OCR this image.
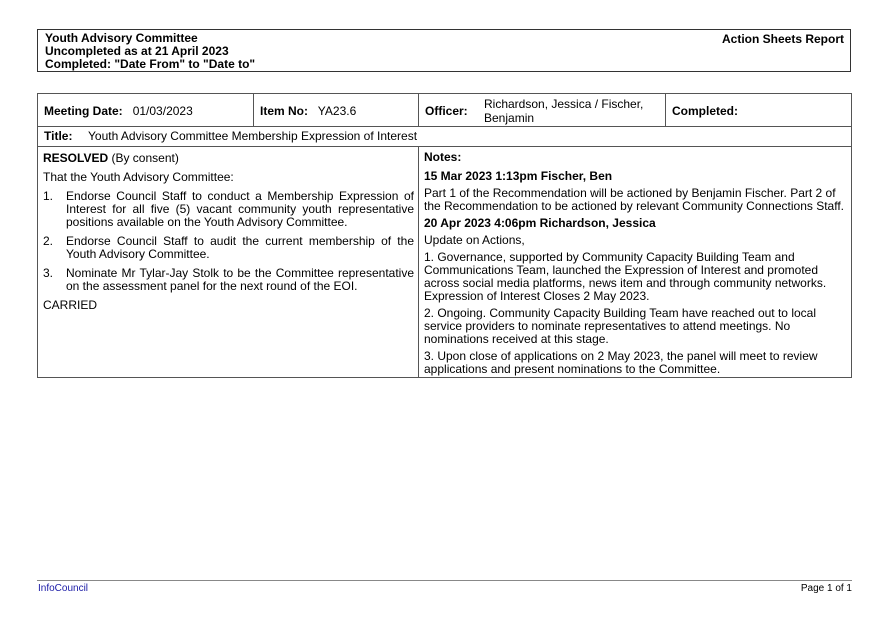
Youth Advisory Committee
Uncompleted as at 21 April 2023
Completed: "Date From" to "Date to"
Action Sheets Report
Meeting Date: 01/03/2023	Item No: YA23.6	Officer:	Richardson, Jessica / Fischer,
Benjamin	Completed:
Title: Youth Advisory Committee Membership Expression of Interest

RESOLVED (By consent)

That the Youth Advisory Committee:

1. Endorse Council Staff to conduct a Membership Expression of Interest for all five (5) vacant community youth representative positions available on the Youth Advisory Committee.
2. Endorse Council Staff to audit the current membership of the Youth Advisory Committee.
3. Nominate Mr Tylar-Jay Stolk to be the Committee representative on the assessment panel for the next round of the EOI.

CARRIED

Notes:

15 Mar 2023 1:13pm Fischer, Ben

Part 1 of the Recommendation will be actioned by Benjamin Fischer. Part 2 of the Recommendation to be actioned by relevant Community Connections Staff.

20 Apr 2023 4:06pm Richardson, Jessica

Update on Actions,

1. Governance, supported by Community Capacity Building Team and Communications Team, launched the Expression of Interest and promoted across social media platforms, news item and through community networks. Expression of Interest Closes 2 May 2023.

2. Ongoing. Community Capacity Building Team have reached out to local service providers to nominate representatives to attend meetings. No nominations received at this stage.

3. Upon close of applications on 2 May 2023, the panel will meet to review applications and present nominations to the Committee.

InfoCouncil	Page 1 of 1
